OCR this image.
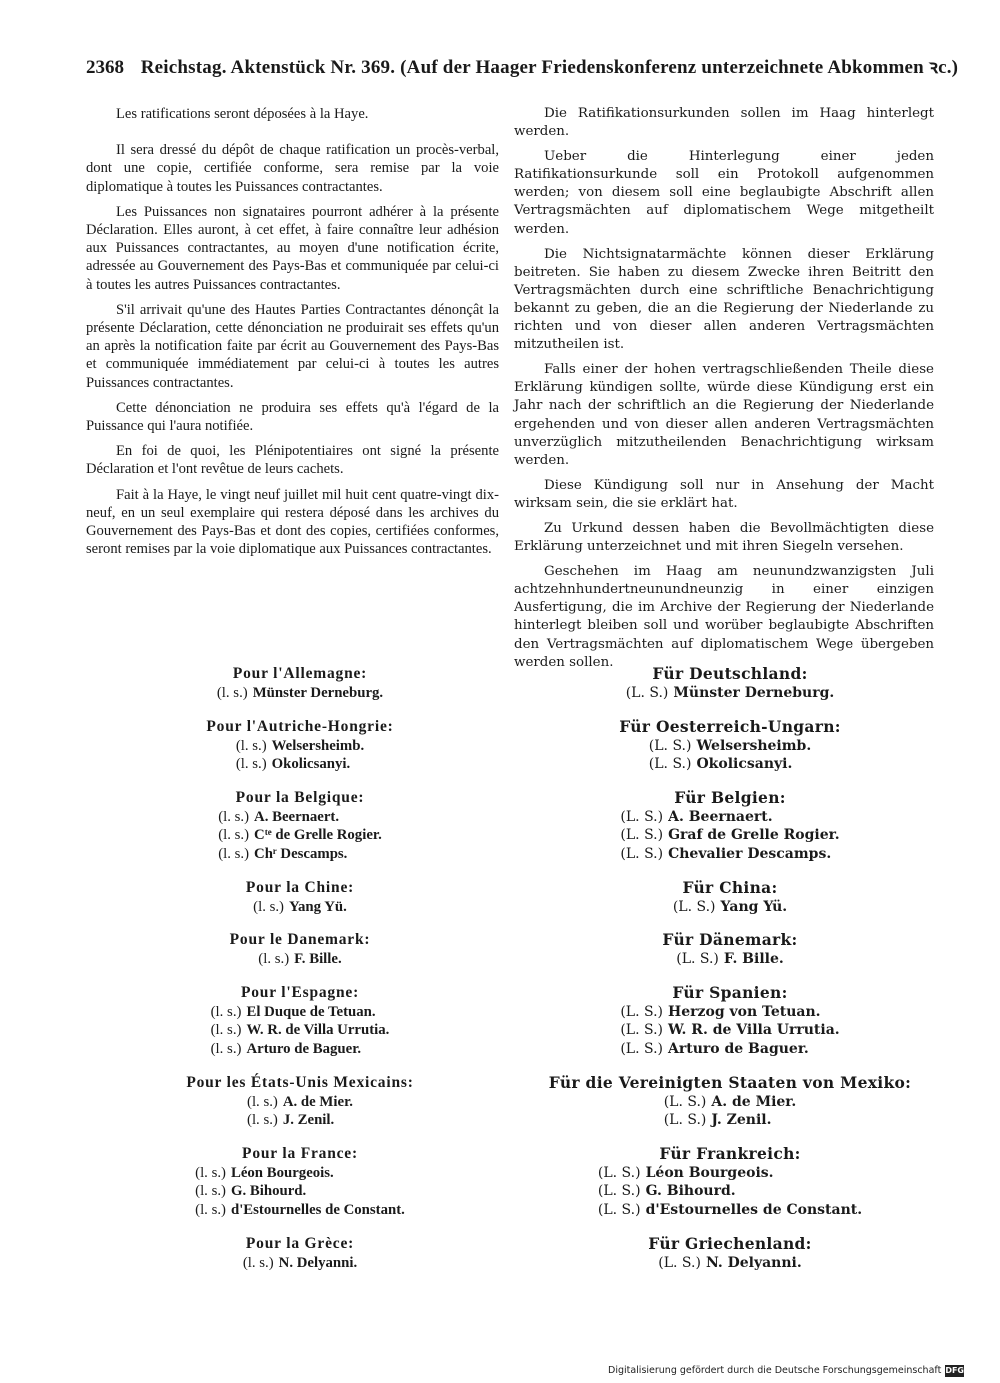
2368 Reichstag. Aktenstück Nr. 369. (Auf der Haager Friedenskonferenz unterzeichnete Abkommen ꝛc.)

Les ratifications seront déposées à la Haye.

Il sera dressé du dépôt de chaque ratification un procès-verbal, dont une copie, certifiée conforme, sera remise par la voie diplomatique à toutes les Puissances contractantes.

Les Puissances non signataires pourront adhérer à la présente Déclaration. Elles auront, à cet effet, à faire connaître leur adhésion aux Puissances contractantes, au moyen d'une notification écrite, adressée au Gouvernement des Pays-Bas et communiquée par celui-ci à toutes les autres Puissances contractantes.

S'il arrivait qu'une des Hautes Parties Contractantes dénonçât la présente Déclaration, cette dénonciation ne produirait ses effets qu'un an après la notification faite par écrit au Gouvernement des Pays-Bas et communiquée immédiatement par celui-ci à toutes les autres Puissances contractantes.

Cette dénonciation ne produira ses effets qu'à l'égard de la Puissance qui l'aura notifiée.

En foi de quoi, les Plénipotentiaires ont signé la présente Déclaration et l'ont revêtue de leurs cachets.

Fait à la Haye, le vingt neuf juillet mil huit cent quatre-vingt dix-neuf, en un seul exemplaire qui restera déposé dans les archives du Gouvernement des Pays-Bas et dont des copies, certifiées conformes, seront remises par la voie diplomatique aux Puissances contractantes.

Die Ratifikationsurkunden sollen im Haag hinterlegt werden.

Ueber die Hinterlegung einer jeden Ratifikationsurkunde soll ein Protokoll aufgenommen werden; von diesem soll eine beglaubigte Abschrift allen Vertragsmächten auf diplomatischem Wege mitgetheilt werden.

Die Nichtsignatarmächte können dieser Erklärung beitreten. Sie haben zu diesem Zwecke ihren Beitritt den Vertragsmächten durch eine schriftliche Benachrichtigung bekannt zu geben, die an die Regierung der Niederlande zu richten und von dieser allen anderen Vertragsmächten mitzutheilen ist.

Falls einer der hohen vertragschließenden Theile diese Erklärung kündigen sollte, würde diese Kündigung erst ein Jahr nach der schriftlich an die Regierung der Niederlande ergehenden und von dieser allen anderen Vertragsmächten unverzüglich mitzutheilenden Benachrichtigung wirksam werden.

Diese Kündigung soll nur in Ansehung der Macht wirksam sein, die sie erklärt hat.

Zu Urkund dessen haben die Bevollmächtigten diese Erklärung unterzeichnet und mit ihren Siegeln versehen.

Geschehen im Haag am neunundzwanzigsten Juli achtzehnhundertneunundneunzig in einer einzigen Ausfertigung, die im Archive der Regierung der Niederlande hinterlegt bleiben soll und worüber beglaubigte Abschriften den Vertragsmächten auf diplomatischem Wege übergeben werden sollen.

Pour l'Allemagne:
(l. s.) Münster Derneburg.
Pour l'Autriche-Hongrie:
(l. s.) Welsersheimb.
(l. s.) Okolicsanyi.
Pour la Belgique:
(l. s.) A. Beernaert.
(l. s.) Cᵗᵉ de Grelle Rogier.
(l. s.) Chʳ Descamps.
Pour la Chine:
(l. s.) Yang Yü.
Pour le Danemark:
(l. s.) F. Bille.
Pour l'Espagne:
(l. s.) El Duque de Tetuan.
(l. s.) W. R. de Villa Urrutia.
(l. s.) Arturo de Baguer.
Pour les États-Unis Mexicains:
(l. s.) A. de Mier.
(l. s.) J. Zenil.
Pour la France:
(l. s.) Léon Bourgeois.
(l. s.) G. Bihourd.
(l. s.) d'Estournelles de Constant.
Pour la Grèce:
(l. s.) N. Delyanni.
Für Deutschland:
(L. S.) Münster Derneburg.
Für Oesterreich-Ungarn:
(L. S.) Welsersheimb.
(L. S.) Okolicsanyi.
Für Belgien:
(L. S.) A. Beernaert.
(L. S.) Graf de Grelle Rogier.
(L. S.) Chevalier Descamps.
Für China:
(L. S.) Yang Yü.
Für Dänemark:
(L. S.) F. Bille.
Für Spanien:
(L. S.) Herzog von Tetuan.
(L. S.) W. R. de Villa Urrutia.
(L. S.) Arturo de Baguer.
Für die Vereinigten Staaten von Mexiko:
(L. S.) A. de Mier.
(L. S.) J. Zenil.
Für Frankreich:
(L. S.) Léon Bourgeois.
(L. S.) G. Bihourd.
(L. S.) d'Estournelles de Constant.
Für Griechenland:
(L. S.) N. Delyanni.
Digitalisierung gefördert durch die Deutsche Forschungsgemeinschaft DFG
